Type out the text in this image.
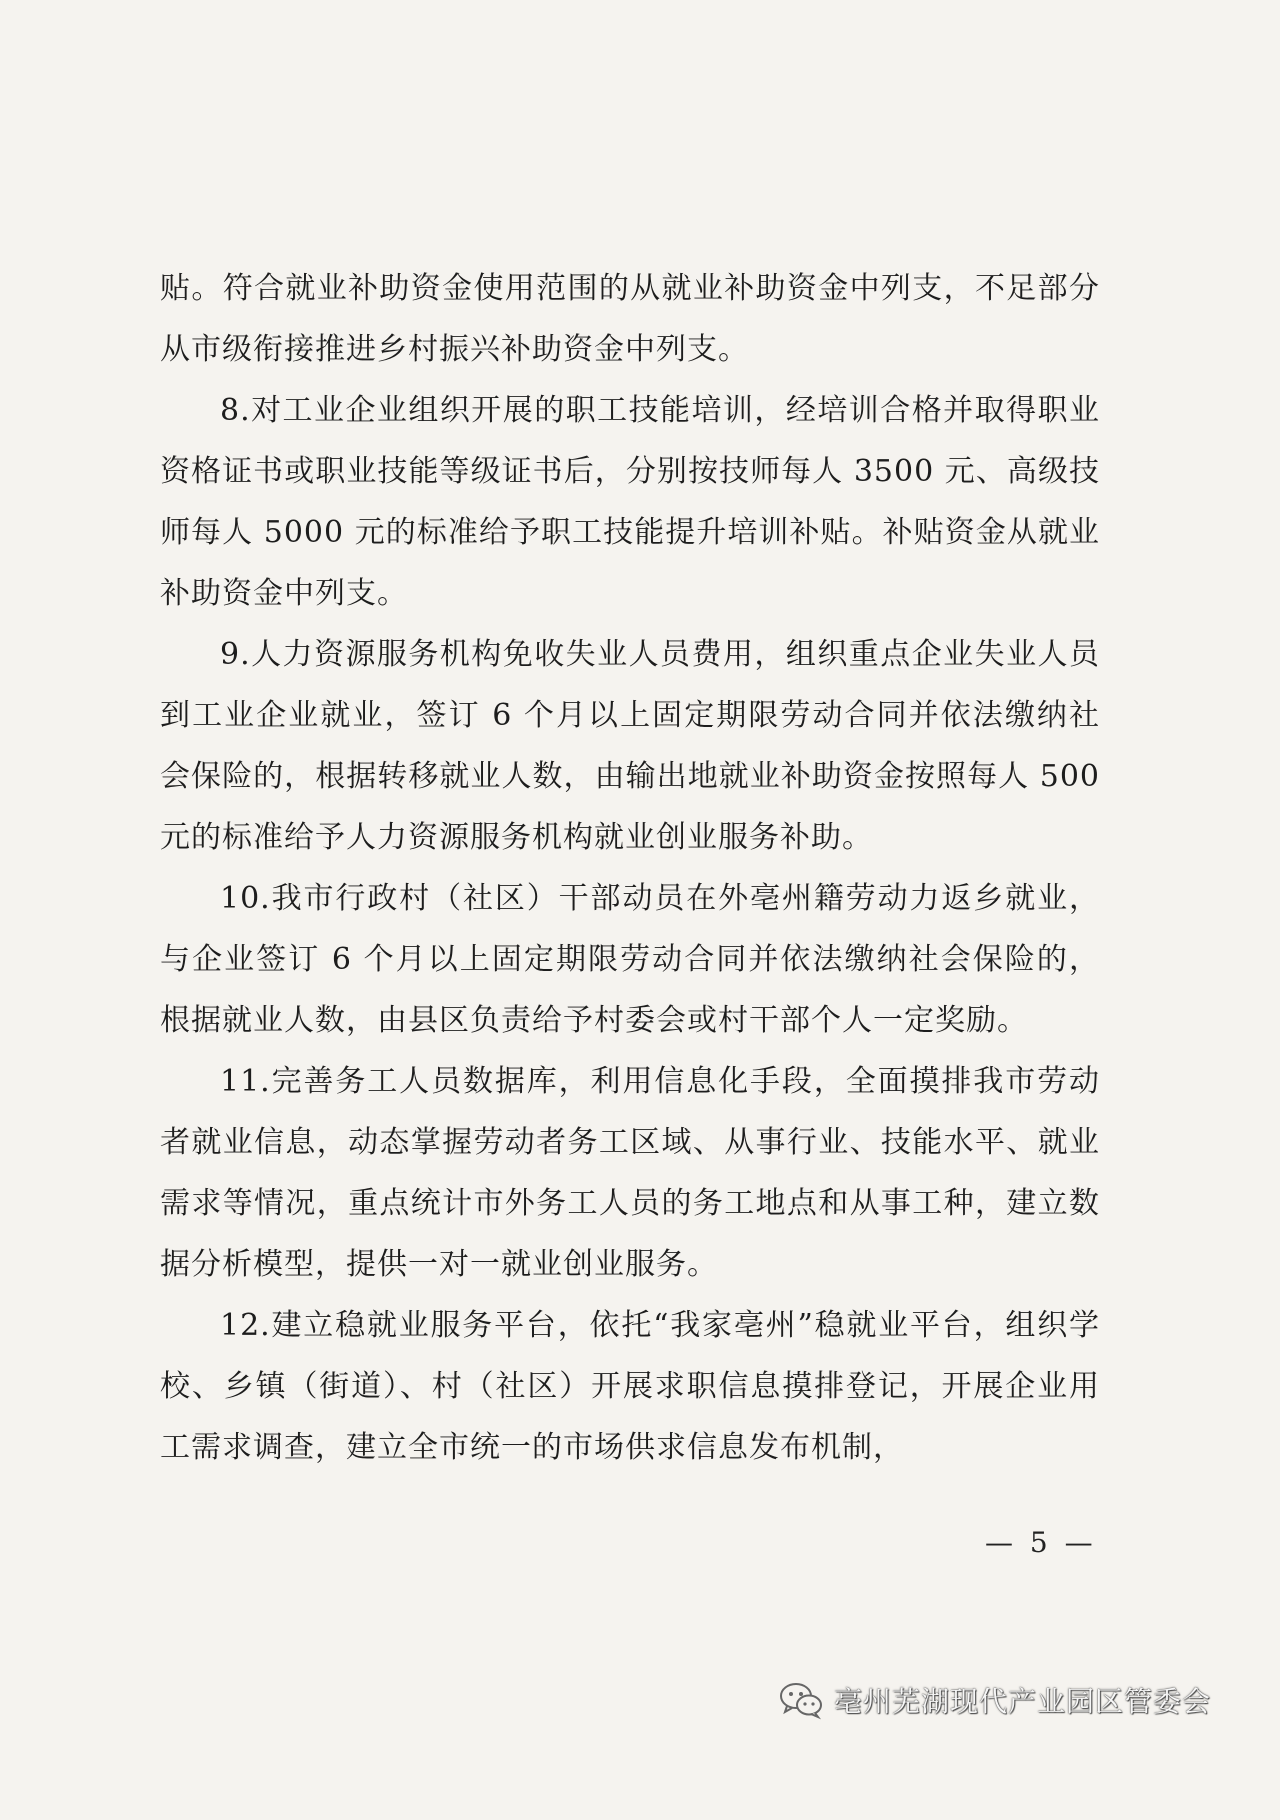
贴。符合就业补助资金使用范围的从就业补助资金中列支，不足部分从市级衔接推进乡村振兴补助资金中列支。

8.对工业企业组织开展的职工技能培训，经培训合格并取得职业资格证书或职业技能等级证书后，分别按技师每人 3500 元、高级技师每人 5000 元的标准给予职工技能提升培训补贴。补贴资金从就业补助资金中列支。

9.人力资源服务机构免收失业人员费用，组织重点企业失业人员到工业企业就业，签订 6 个月以上固定期限劳动合同并依法缴纳社会保险的，根据转移就业人数，由输出地就业补助资金按照每人 500 元的标准给予人力资源服务机构就业创业服务补助。

10.我市行政村（社区）干部动员在外亳州籍劳动力返乡就业，与企业签订 6 个月以上固定期限劳动合同并依法缴纳社会保险的，根据就业人数，由县区负责给予村委会或村干部个人一定奖励。

11.完善务工人员数据库，利用信息化手段，全面摸排我市劳动者就业信息，动态掌握劳动者务工区域、从事行业、技能水平、就业需求等情况，重点统计市外务工人员的务工地点和从事工种，建立数据分析模型，提供一对一就业创业服务。

12.建立稳就业服务平台，依托“我家亳州”稳就业平台，组织学校、乡镇（街道）、村（社区）开展求职信息摸排登记，开展企业用工需求调查，建立全市统一的市场供求信息发布机制，

— 5 —
亳州芜湖现代产业园区管委会
